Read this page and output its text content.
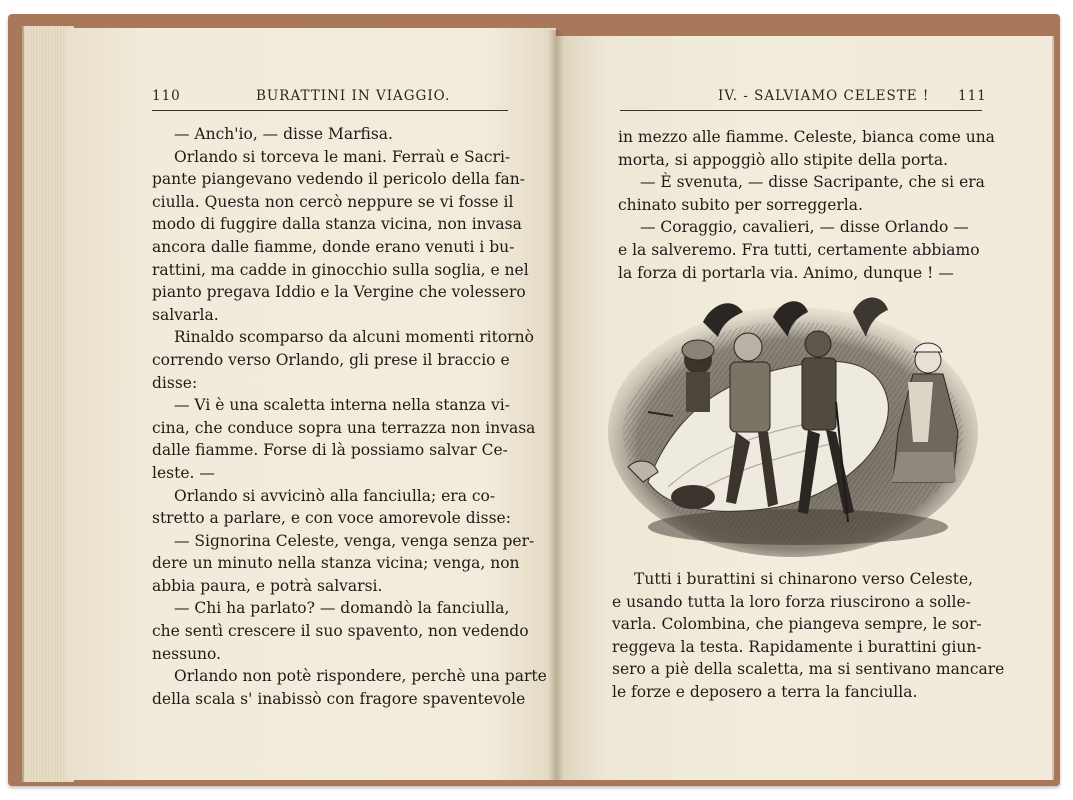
110	BURATTINI IN VIAGGIO.

— Anch'io, — disse Marfisa.

Orlando si torceva le mani. Ferraù e Sacri-

pante piangevano vedendo il pericolo della fan-

ciulla. Questa non cercò neppure se vi fosse il

modo di fuggire dalla stanza vicina, non invasa

ancora dalle fiamme, donde erano venuti i bu-

rattini, ma cadde in ginocchio sulla soglia, e nel

pianto pregava Iddio e la Vergine che volessero

salvarla.

Rinaldo scomparso da alcuni momenti ritornò

correndo verso Orlando, gli prese il braccio e

disse:

— Vi è una scaletta interna nella stanza vi-

cina, che conduce sopra una terrazza non invasa

dalle fiamme. Forse di là possiamo salvar Ce-

leste. —

Orlando si avvicinò alla fanciulla; era co-

stretto a parlare, e con voce amorevole disse:

— Signorina Celeste, venga, venga senza per-

dere un minuto nella stanza vicina; venga, non

abbia paura, e potrà salvarsi.

— Chi ha parlato? — domandò la fanciulla,

che sentì crescere il suo spavento, non vedendo

nessuno.

Orlando non potè rispondere, perchè una parte

della scala s' inabissò con fragore spaventevole

IV. - SALVIAMO CELESTE ! 111

in mezzo alle fiamme. Celeste, bianca come una

morta, si appoggiò allo stipite della porta.

— È svenuta, — disse Sacripante, che si era

chinato subito per sorreggerla.

— Coraggio, cavalieri, — disse Orlando —

e la salveremo. Fra tutti, certamente abbiamo

la forza di portarla via. Animo, dunque ! —

Tutti i burattini si chinarono verso Celeste,

e usando tutta la loro forza riuscirono a solle-

varla. Colombina, che piangeva sempre, le sor-

reggeva la testa. Rapidamente i burattini giun-

sero a piè della scaletta, ma si sentivano mancare

le forze e deposero a terra la fanciulla.
